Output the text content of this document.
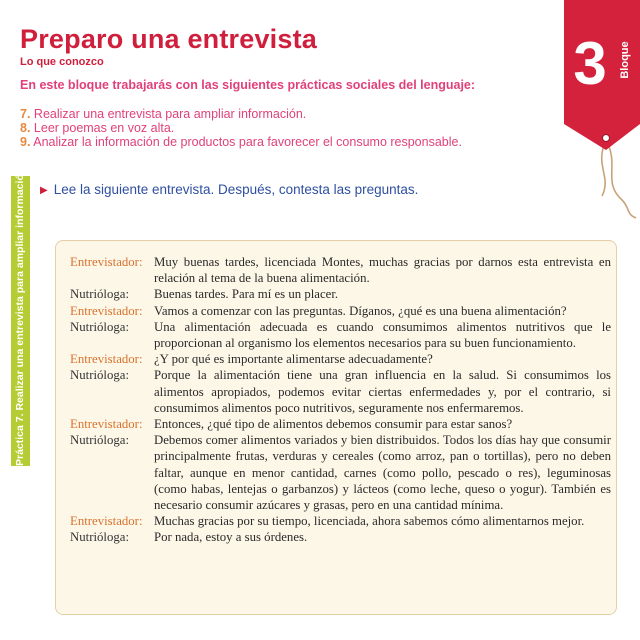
Preparo una entrevista
Lo que conozco
En este bloque trabajarás con las siguientes prácticas sociales del lenguaje:
7. Realizar una entrevista para ampliar información.
8. Leer poemas en voz alta.
9. Analizar la información de productos para favorecer el consumo responsable.
3 Bloque
Práctica 7. Realizar una entrevista para ampliar información. ▶ Lee la siguiente entrevista. Después, contesta las preguntas.
Entrevistador: Muy buenas tardes, licenciada Montes, muchas gracias por darnos esta entrevista en relación al tema de la buena alimentación.
Nutrióloga:	Buenas tardes. Para mí es un placer.
Entrevistador: Vamos a comenzar con las preguntas. Díganos, ¿qué es una buena alimentación?
Nutrióloga:	Una alimentación adecuada es cuando consumimos alimentos nutritivos que le proporcionan al organismo los elementos necesarios para su buen funcionamiento.
Entrevistador: ¿Y por qué es importante alimentarse adecuadamente?
Nutrióloga:	Porque la alimentación tiene una gran influencia en la salud. Si consumimos los alimentos apropiados, podemos evitar ciertas enfermedades y, por el contrario, si consumimos alimentos poco nutritivos, seguramente nos enfermaremos.
Entrevistador: Entonces, ¿qué tipo de alimentos debemos consumir para estar sanos?
Nutrióloga:	Debemos comer alimentos variados y bien distribuidos. Todos los días hay que consumir principalmente frutas, verduras y cereales (como arroz, pan o tortillas), pero no deben faltar, aunque en menor cantidad, carnes (como pollo, pescado o res), leguminosas (como habas, lentejas o garbanzos) y lácteos (como leche, queso o yogur). También es necesario consumir azúcares y grasas, pero en una cantidad mínima.
Entrevistador: Muchas gracias por su tiempo, licenciada, ahora sabemos cómo alimentarnos mejor.
Nutrióloga:	Por nada, estoy a sus órdenes.
